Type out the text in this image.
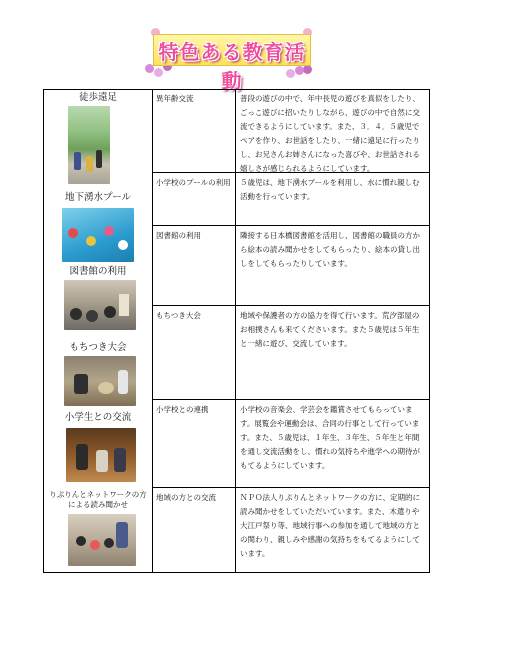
特色ある教育活動
徒歩遠足
地下湧水プール
図書館の利用
もちつき大会
小学生との交流
りぷりんとネットワークの方による読み聞かせ
異年齢交流	普段の遊びの中で、年中長児の遊びを真似をしたり、ごっこ遊びに招いたりしながら、遊びの中で自然に交流できるようにしています。また、３．４．５歳児でペアを作り、お世話をしたり、一緒に遠足に行ったりし、お兄さんお姉さんになった喜びや、お世話される嬉しさが感じられるようにしています。
小学校のプールの利用	５歳児は、地下湧水プールを利用し、水に慣れ親しむ活動を行っています。
図書館の利用	隣接する日本橋図書館を活用し、図書館の職員の方から絵本の読み聞かせをしてもらったり、絵本の貸し出しをしてもらったりしています。
もちつき大会	地域や保護者の方の協力を得て行います。荒汐部屋のお相撲さんも来てくださいます。また５歳児は５年生と一緒に遊び、交流しています。
小学校との連携	小学校の音楽会、学芸会を鑑賞させてもらっています。展覧会や運動会は、合同の行事として行っています。また、５歳児は、１年生、３年生、５年生と年間を通し交流活動をし、慣れの気持ちや進学への期待がもてるようにしています。
地域の方との交流	ＮＰＯ法人りぷりんとネットワークの方に、定期的に読み聞かせをしていただいています。また、木遣りや大江戸祭り等、地域行事への参加を通して地域の方との関わり、親しみや感謝の気持ちをもてるようにしています。
